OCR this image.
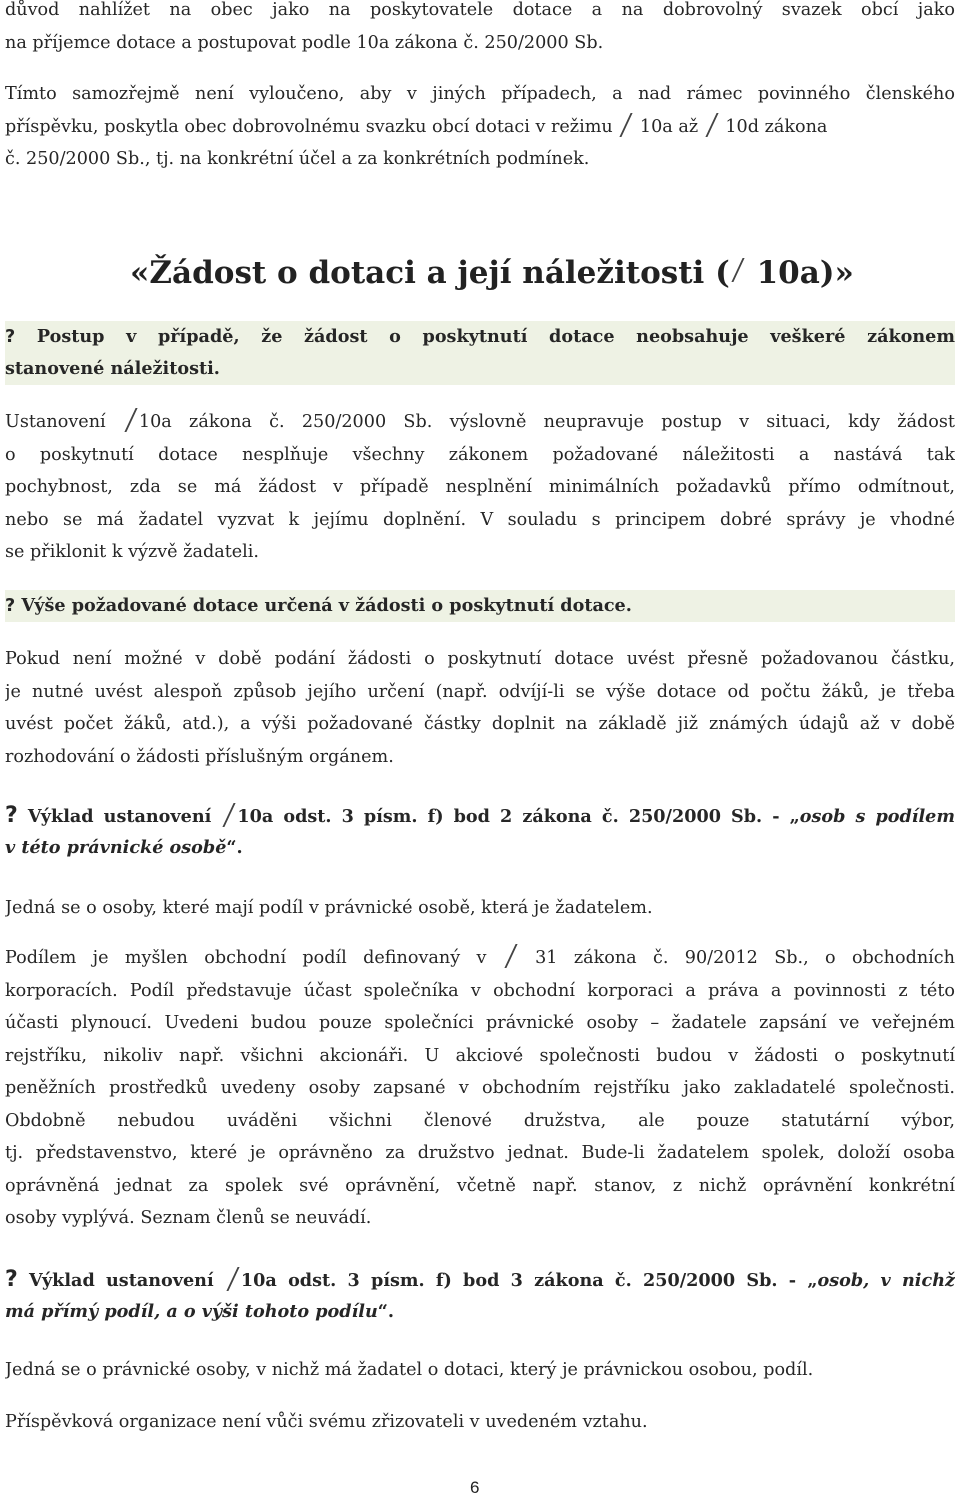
důvod nahlížet na obec jako na poskytovatele dotace a na dobrovolný svazek obcí jako
na příjemce dotace a postupovat podle 10a zákona č. 250/2000 Sb.
Tímto samozřejmě není vyloučeno, aby v jiných případech, a nad rámec povinného členského
příspěvku, poskytla obec dobrovolnému svazku obcí dotaci v režimu  10a až  10d zákona
č. 250/2000 Sb., tj. na konkrétní účel a za konkrétních podmínek.
«Žádost o dotaci a její náležitosti ( 10a)»
? Postup v případě, že žádost o poskytnutí dotace neobsahuje veškeré zákonem
stanovené náležitosti.
Ustanovení 10a zákona č. 250/2000 Sb. výslovně neupravuje postup v situaci, kdy žádost
o poskytnutí dotace nesplňuje všechny zákonem požadované náležitosti a nastává tak
pochybnost, zda se má žádost v případě nesplnění minimálních požadavků přímo odmítnout,
nebo se má žadatel vyzvat k jejímu doplnění. V souladu s principem dobré správy je vhodné
se přiklonit k výzvě žadateli.
? Výše požadované dotace určená v žádosti o poskytnutí dotace.
Pokud není možné v době podání žádosti o poskytnutí dotace uvést přesně požadovanou částku,
je nutné uvést alespoň způsob jejího určení (např. odvíjí-li se výše dotace od počtu žáků, je třeba
uvést počet žáků, atd.), a výši požadované částky doplnit na základě již známých údajů až v době
rozhodování o žádosti příslušným orgánem.
? Výklad ustanovení 10a odst. 3 písm. f) bod 2 zákona č. 250/2000 Sb. - „osob s podílem
v této právnické osobě“.
Jedná se o osoby, které mají podíl v právnické osobě, která je žadatelem.
Podílem je myšlen obchodní podíl definovaný v  31 zákona č. 90/2012 Sb., o obchodních
korporacích. Podíl představuje účast společníka v obchodní korporaci a práva a povinnosti z této
účasti plynoucí. Uvedeni budou pouze společníci právnické osoby – žadatele zapsání ve veřejném
rejstříku, nikoliv např. všichni akcionáři. U akciové společnosti budou v žádosti o poskytnutí
peněžních prostředků uvedeny osoby zapsané v obchodním rejstříku jako zakladatelé společnosti.
Obdobně nebudou uváděni všichni členové družstva, ale pouze statutární výbor,
tj. představenstvo, které je oprávněno za družstvo jednat. Bude-li žadatelem spolek, doloží osoba
oprávněná jednat za spolek své oprávnění, včetně např. stanov, z nichž oprávnění konkrétní
osoby vyplývá. Seznam členů se neuvádí.
? Výklad ustanovení 10a odst. 3 písm. f) bod 3 zákona č. 250/2000 Sb. - „osob, v nichž
má přímý podíl, a o výši tohoto podílu“.
Jedná se o právnické osoby, v nichž má žadatel o dotaci, který je právnickou osobou, podíl.
Příspěvková organizace není vůči svému zřizovateli v uvedeném vztahu.
6
